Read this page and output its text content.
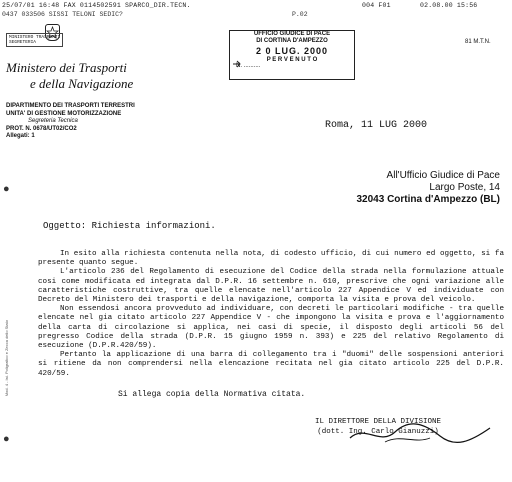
25/07/01 16:48 FAX 0114502591 SPARCO_DIR.TECN.	004 F01	02.08.00 15:56
0437 033506 SISSI TELONI SEDIC?	P.02
MINISTERO TRASPORTI
SEGRETERIA
Ministero dei Trasporti
e della Navigazione
DIPARTIMENTO DEI TRASPORTI TERRESTRI
UNITA' DI GESTIONE MOTORIZZAZIONE
Segreteria Tecnica
PROT. N. 0678/UT02/CO2
Allegati: 1
UFFICIO GIUDICE DI PACE
DI CORTINA D'AMPEZZO
2 0 LUG. 2000
P E R V E N U T O
N. ..........
81 M.T.N.
Roma, 11 LUG 2000
All'Ufficio Giudice di Pace
Largo Poste, 14
32043 Cortina d'Ampezzo (BL)
●
●
Oggetto: Richiesta informazioni.

In esito alla richiesta contenuta nella nota, di codesto ufficio, di cui numero ed oggetto, si fa presente quanto segue.

L'articolo 236 del Regolamento di esecuzione del Codice della strada nella formulazione attuale cosi come modificata ed integrata dal D.P.R. 16 settembre n. 610, prescrive che ogni variazione alle caratteristiche costruttive, tra quelle elencate nell'articolo 227 Appendice V ed individuate con Decreto del Ministero dei trasporti e della navigazione, comporta la visita e prova del veicolo.

Non essendosi ancora provveduto ad individuare, con decreti le particolari modifiche - tra quelle elencate nel gia citato articolo 227 Appendice V - che impongono la visita e prova e l'aggiornamento della carta di circolazione si applica, nei casi di specie, il disposto degli articoli 56 del pregresso Codice della strada (D.P.R. 15 giugno 1959 n. 393) e 225 del relativo Regolamento di esecuzione (D.P.R.420/59).

Pertanto la applicazione di una barra di collegamento tra i "duomi" delle sospensioni anteriori si ritiene da non comprendersi nella elencazione recitata nel gia citato articolo 225 del D.P.R. 420/59.

Si allega copia della Normativa citata.
IL DIRETTORE DELLA DIVISIONE
(dott. Ing. Carlo Gianuzzi)
Mod. 4 - Ist. Poligrafico e Zecca dello Stato
